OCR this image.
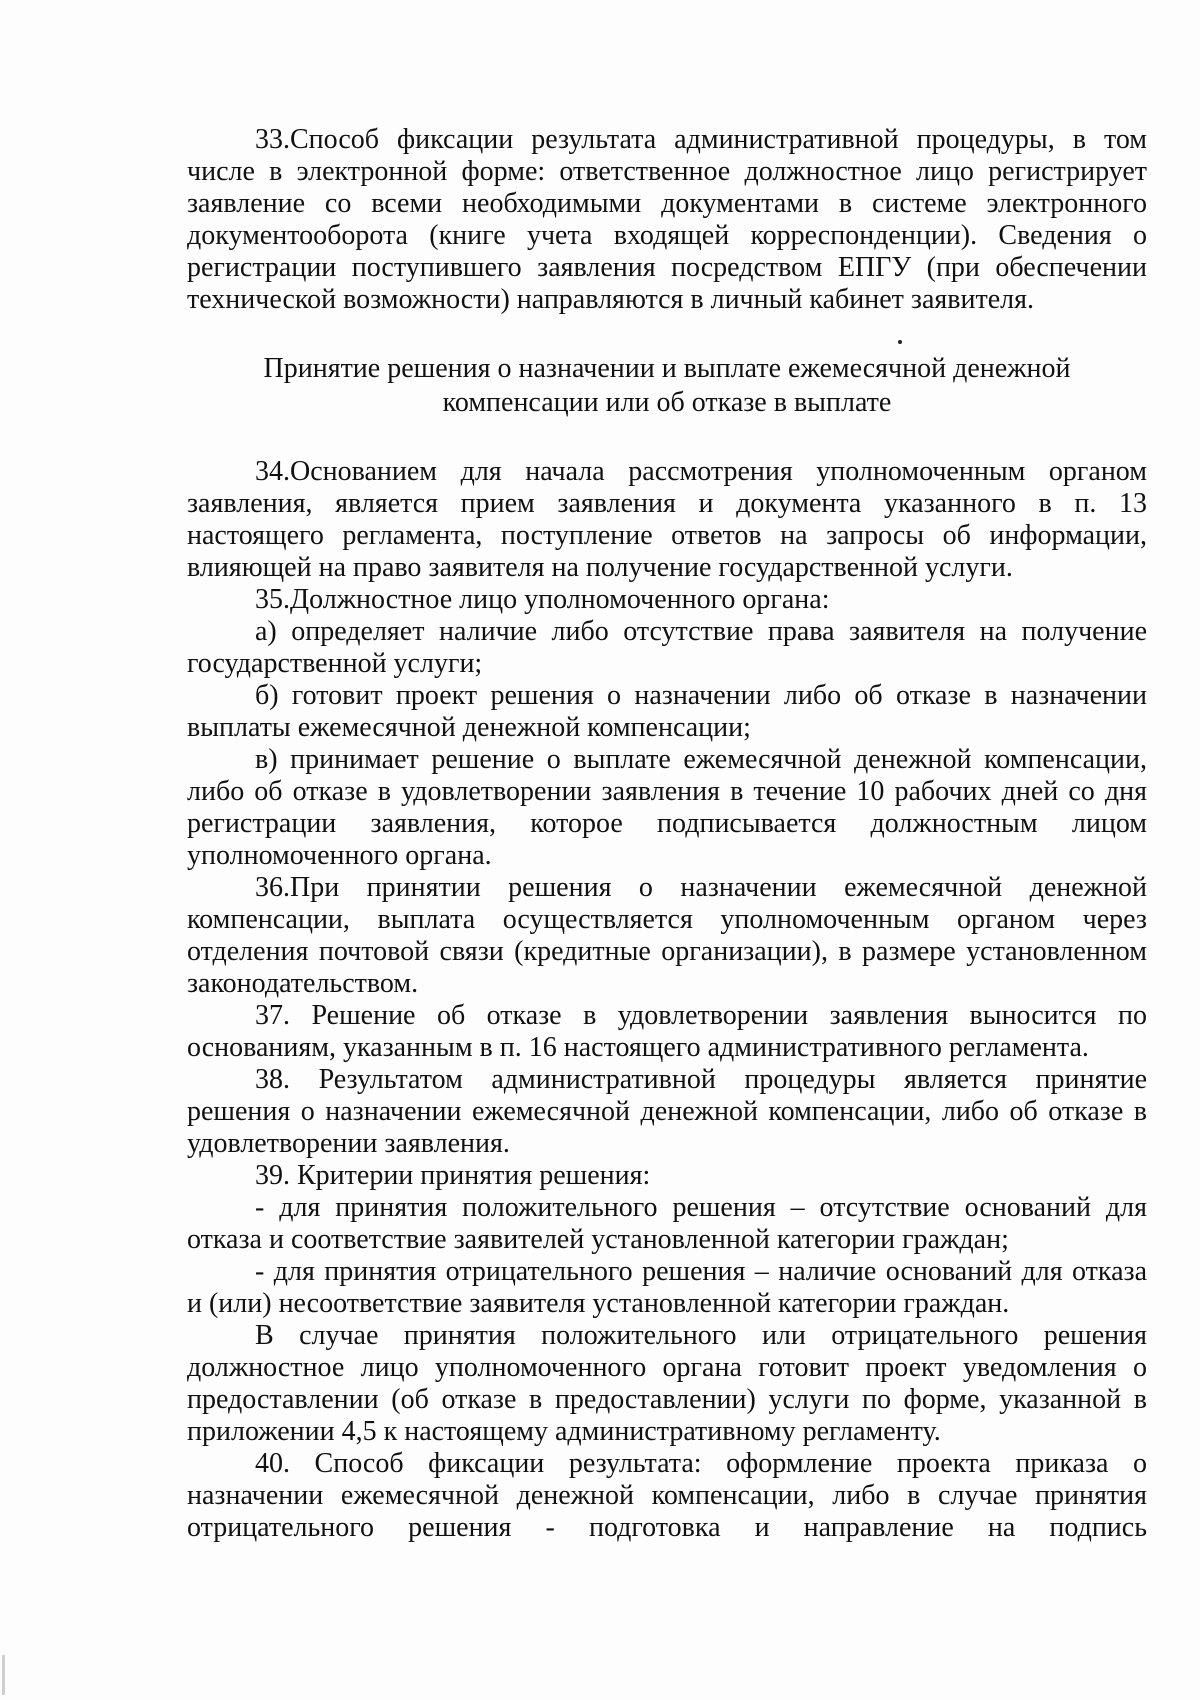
33.Способ фиксации результата административной процедуры, в том числе в электронной форме: ответственное должностное лицо регистрирует заявление со всеми необходимыми документами в системе электронного документооборота (книге учета входящей корреспонденции). Сведения о регистрации поступившего заявления посредством ЕПГУ (при обеспечении технической возможности) направляются в личный кабинет заявителя.

Принятие решения о назначении и выплате ежемесячной денежной компенсации или об отказе в выплате

34.Основанием для начала рассмотрения уполномоченным органом заявления, является прием заявления и документа указанного в п. 13 настоящего регламента, поступление ответов на запросы об информации, влияющей на право заявителя на получение государственной услуги.

35.Должностное лицо уполномоченного органа:

а) определяет наличие либо отсутствие права заявителя на получение государственной услуги;

б) готовит проект решения о назначении либо об отказе в назначении выплаты ежемесячной денежной компенсации;

в) принимает решение о выплате ежемесячной денежной компенсации, либо об отказе в удовлетворении заявления в течение 10 рабочих дней со дня регистрации заявления, которое подписывается должностным лицом уполномоченного органа.

36.При принятии решения о назначении ежемесячной денежной компенсации, выплата осуществляется уполномоченным органом через отделения почтовой связи (кредитные организации), в размере установленном законодательством.

37. Решение об отказе в удовлетворении заявления выносится по основаниям, указанным в п. 16 настоящего административного регламента.

38. Результатом административной процедуры является принятие решения о назначении ежемесячной денежной компенсации, либо об отказе в удовлетворении заявления.

39. Критерии принятия решения:

- для принятия положительного решения – отсутствие оснований для отказа и соответствие заявителей установленной категории граждан;

- для принятия отрицательного решения – наличие оснований для отказа и (или) несоответствие заявителя установленной категории граждан.

В случае принятия положительного или отрицательного решения должностное лицо уполномоченного органа готовит проект уведомления о предоставлении (об отказе в предоставлении) услуги по форме, указанной в приложении 4,5 к настоящему административному регламенту.

40. Способ фиксации результата: оформление проекта приказа о назначении ежемесячной денежной компенсации, либо в случае принятия отрицательного решения - подготовка и направление на подпись
